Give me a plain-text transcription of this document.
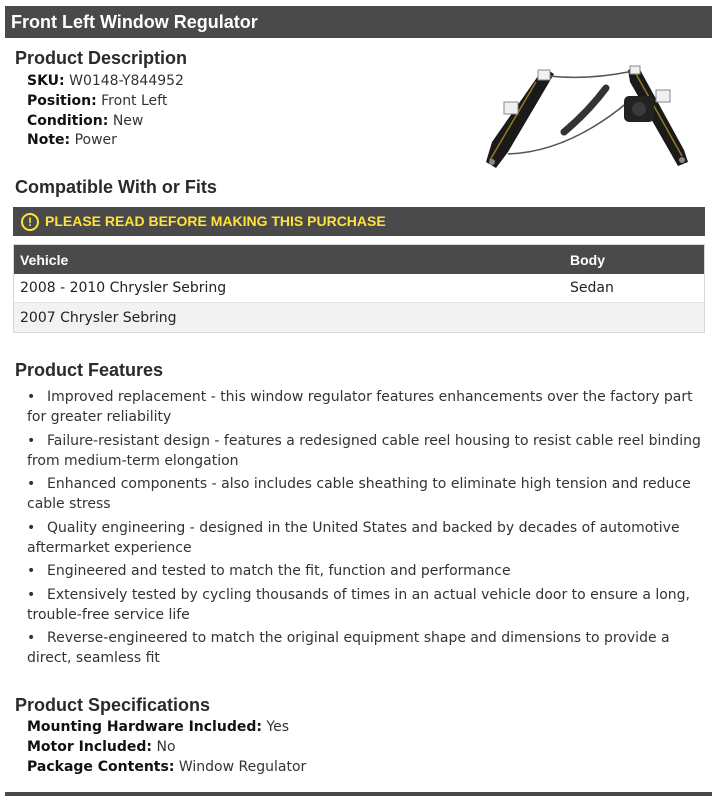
Front Left Window Regulator
Product Description
SKU: W0148-Y844952
Position: Front Left
Condition: New
Note: Power
Compatible With or Fits
! PLEASE READ BEFORE MAKING THIS PURCHASE
Vehicle	Body
2008 - 2010 Chrysler Sebring	Sedan
2007 Chrysler Sebring
Product Features
• Improved replacement - this window regulator features enhancements over the factory part for greater reliability
• Failure-resistant design - features a redesigned cable reel housing to resist cable reel binding from medium-term elongation
• Enhanced components - also includes cable sheathing to eliminate high tension and reduce cable stress
• Quality engineering - designed in the United States and backed by decades of automotive aftermarket experience
• Engineered and tested to match the fit, function and performance
• Extensively tested by cycling thousands of times in an actual vehicle door to ensure a long, trouble-free service life
• Reverse-engineered to match the original equipment shape and dimensions to provide a direct, seamless fit
Product Specifications
Mounting Hardware Included: Yes
Motor Included: No
Package Contents: Window Regulator
